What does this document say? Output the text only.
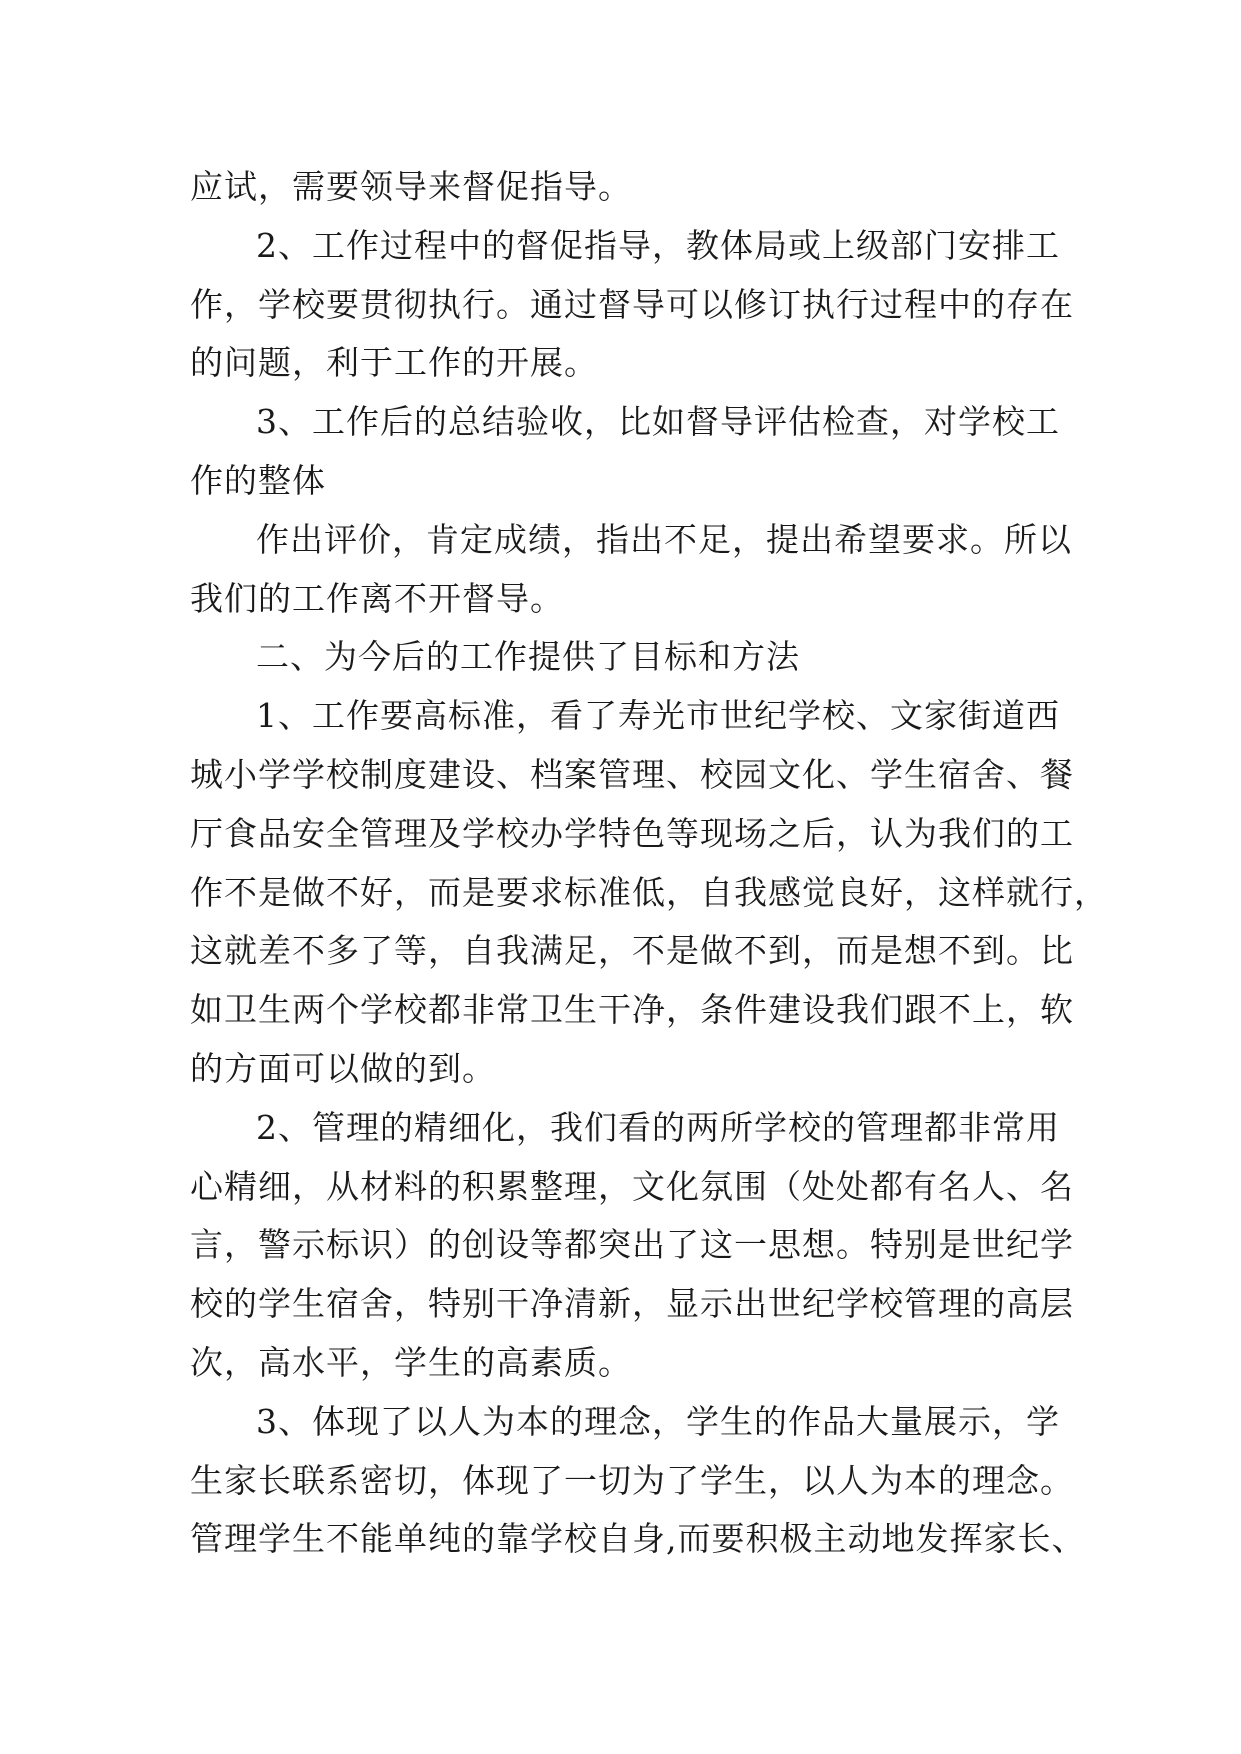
应试，需要领导来督促指导。
2、工作过程中的督促指导，教体局或上级部门安排工
作，学校要贯彻执行。通过督导可以修订执行过程中的存在
的问题，利于工作的开展。
3、工作后的总结验收，比如督导评估检查，对学校工
作的整体
作出评价，肯定成绩，指出不足，提出希望要求。所以
我们的工作离不开督导。
二、为今后的工作提供了目标和方法
1、工作要高标准，看了寿光市世纪学校、文家街道西
城小学学校制度建设、档案管理、校园文化、学生宿舍、餐
厅食品安全管理及学校办学特色等现场之后，认为我们的工
作不是做不好，而是要求标准低，自我感觉良好，这样就行，
这就差不多了等，自我满足，不是做不到，而是想不到。比
如卫生两个学校都非常卫生干净，条件建设我们跟不上，软
的方面可以做的到。
2、管理的精细化，我们看的两所学校的管理都非常用
心精细，从材料的积累整理，文化氛围（处处都有名人、名
言，警示标识）的创设等都突出了这一思想。特别是世纪学
校的学生宿舍，特别干净清新，显示出世纪学校管理的高层
次，高水平，学生的高素质。
3、体现了以人为本的理念，学生的作品大量展示，学
生家长联系密切，体现了一切为了学生，以人为本的理念。
管理学生不能单纯的靠学校自身,而要积极主动地发挥家长、
